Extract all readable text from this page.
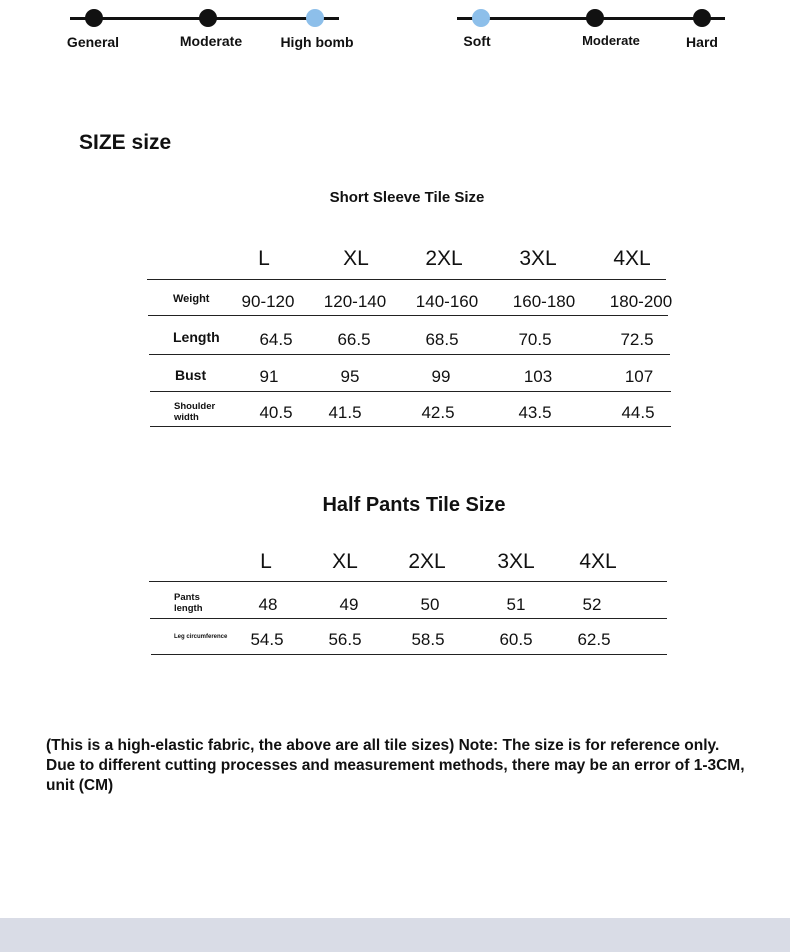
General	Moderate	High bomb	Soft	Moderate	Hard
SIZE size
Short Sleeve Tile Size
L	XL	2XL	3XL	4XL
Weight 90-120 120-140 140-160 160-180 180-200
Length 64.5	66.5	68.5	70.5	72.5
Bust	91	95	99	103	107
Shoulder width	40.5 41.5	42.5	43.5	44.5
Half Pants Tile Size
L	XL 2XL 3XL 4XL
Pants length	48	49	50	51	52
Leg circumference 54.5	56.5	58.5	60.5	62.5
(This is a high-elastic fabric, the above are all tile sizes) Note: The size is for reference only. Due to different cutting processes and measurement methods, there may be an error of 1-3CM, unit (CM)
